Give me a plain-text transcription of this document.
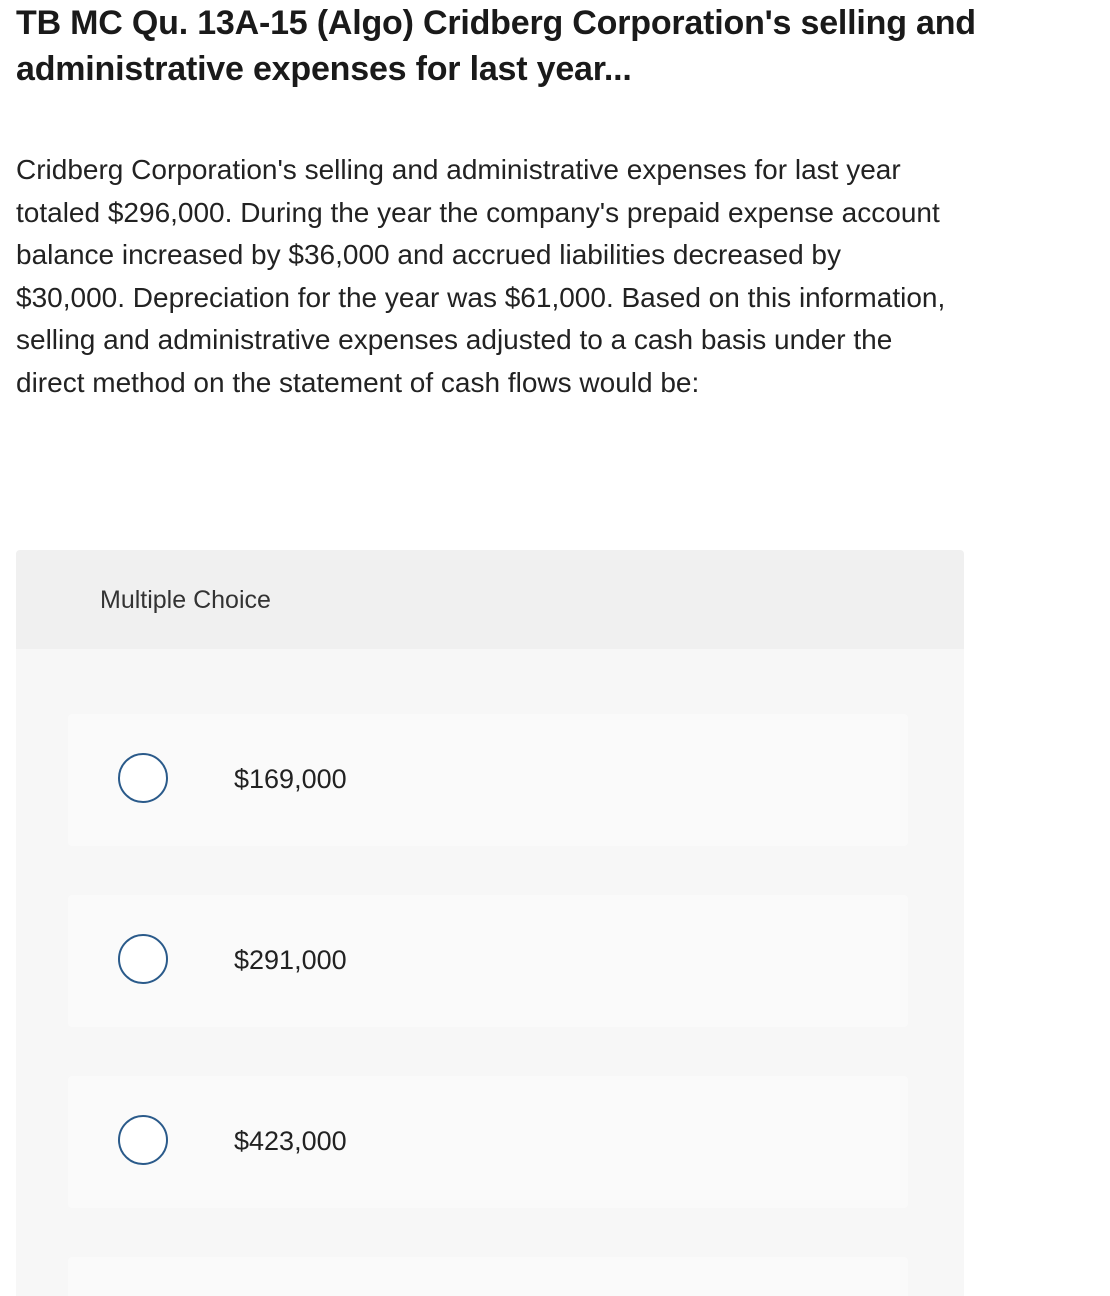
TB MC Qu. 13A-15 (Algo) Cridberg Corporation's selling and administrative expenses for last year...

Cridberg Corporation's selling and administrative expenses for last year totaled $296,000. During the year the company's prepaid expense account balance increased by $36,000 and accrued liabilities decreased by $30,000. Depreciation for the year was $61,000. Based on this information, selling and administrative expenses adjusted to a cash basis under the direct method on the statement of cash flows would be:

Multiple Choice
$169,000
$291,000
$423,000
